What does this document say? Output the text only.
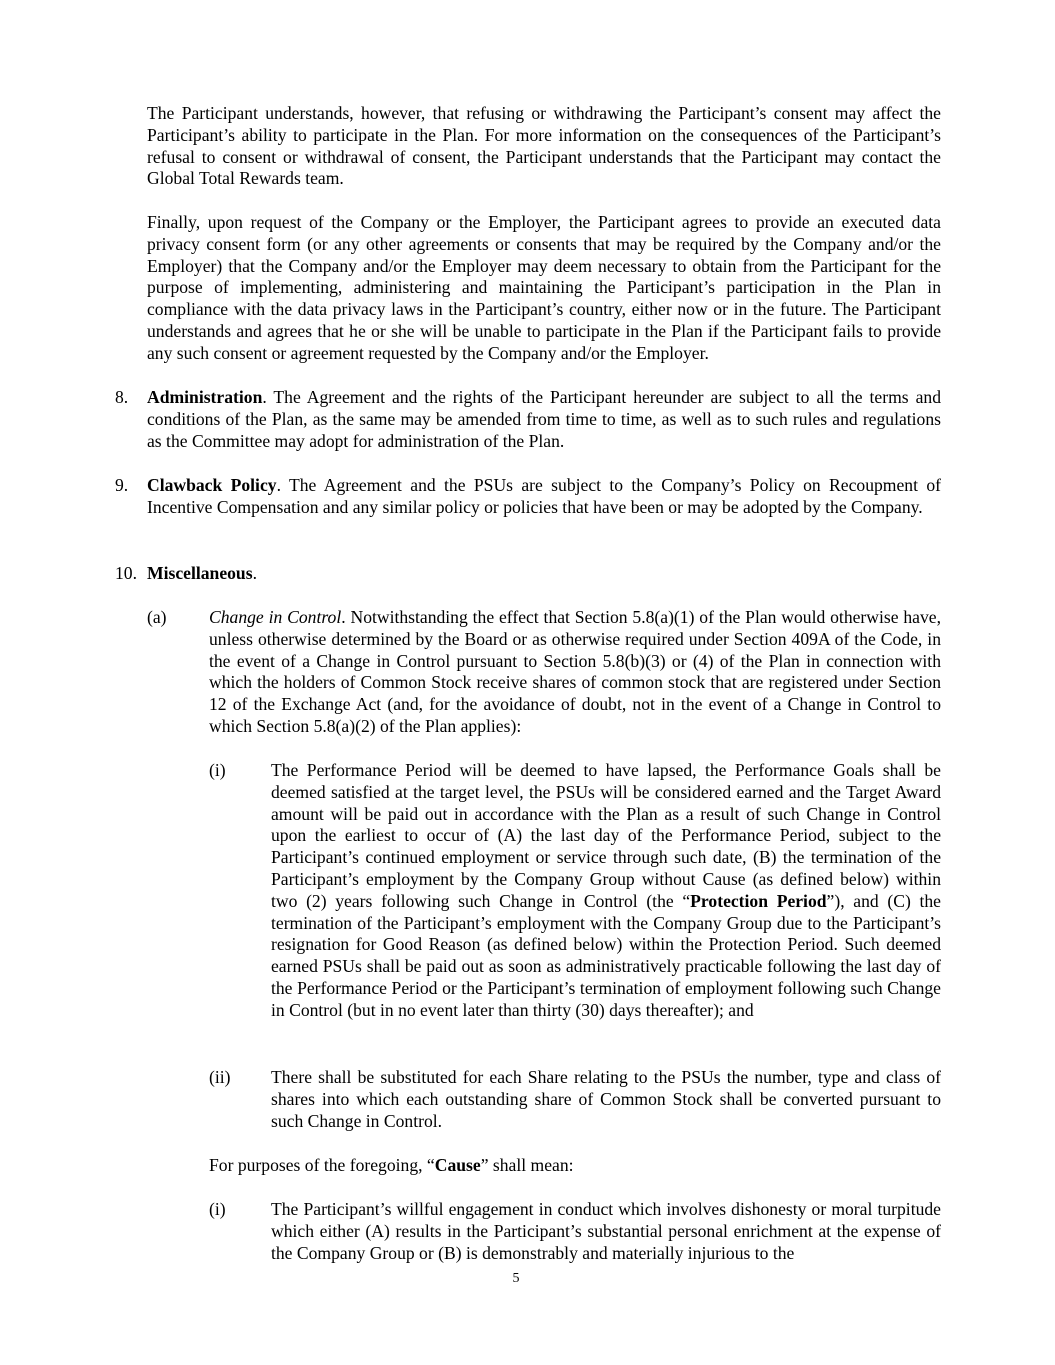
The Participant understands, however, that refusing or withdrawing the Participant’s consent may affect the Participant’s ability to participate in the Plan. For more information on the consequences of the Participant’s refusal to consent or withdrawal of consent, the Participant understands that the Participant may contact the Global Total Rewards team.

Finally, upon request of the Company or the Employer, the Participant agrees to provide an executed data privacy consent form (or any other agreements or consents that may be required by the Company and/or the Employer) that the Company and/or the Employer may deem necessary to obtain from the Participant for the purpose of implementing, administering and maintaining the Participant’s participation in the Plan in compliance with the data privacy laws in the Participant’s country, either now or in the future. The Participant understands and agrees that he or she will be unable to participate in the Plan if the Participant fails to provide any such consent or agreement requested by the Company and/or the Employer.

8. Administration. The Agreement and the rights of the Participant hereunder are subject to all the terms and conditions of the Plan, as the same may be amended from time to time, as well as to such rules and regulations as the Committee may adopt for administration of the Plan.

9. Clawback Policy. The Agreement and the PSUs are subject to the Company’s Policy on Recoupment of Incentive Compensation and any similar policy or policies that have been or may be adopted by the Company.

10. Miscellaneous.

(a) Change in Control. Notwithstanding the effect that Section 5.8(a)(1) of the Plan would otherwise have, unless otherwise determined by the Board or as otherwise required under Section 409A of the Code, in the event of a Change in Control pursuant to Section 5.8(b)(3) or (4) of the Plan in connection with which the holders of Common Stock receive shares of common stock that are registered under Section 12 of the Exchange Act (and, for the avoidance of doubt, not in the event of a Change in Control to which Section 5.8(a)(2) of the Plan applies):

(i)	The Performance Period will be deemed to have lapsed, the Performance Goals shall be deemed satisfied at the target level, the PSUs will be considered earned and the Target Award amount will be paid out in accordance with the Plan as a result of such Change in Control upon the earliest to occur of (A) the last day of the Performance Period, subject to the Participant’s continued employment or service through such date, (B) the termination of the Participant’s employment by the Company Group without Cause (as defined below) within two (2) years following such Change in Control (the “Protection Period”), and (C) the termination of the Participant’s employment with the Company Group due to the Participant’s resignation for Good Reason (as defined below) within the Protection Period. Such deemed earned PSUs shall be paid out as soon as administratively practicable following the last day of the Performance Period or the Participant’s termination of employment following such Change in Control (but in no event later than thirty (30) days thereafter); and

(ii) There shall be substituted for each Share relating to the PSUs the number, type and class of shares into which each outstanding share of Common Stock shall be converted pursuant to such Change in Control.

For purposes of the foregoing, “Cause” shall mean:

(i)	The Participant’s willful engagement in conduct which involves dishonesty or moral turpitude which either (A) results in the Participant’s substantial personal enrichment at the expense of the Company Group or (B) is demonstrably and materially injurious to the

5
